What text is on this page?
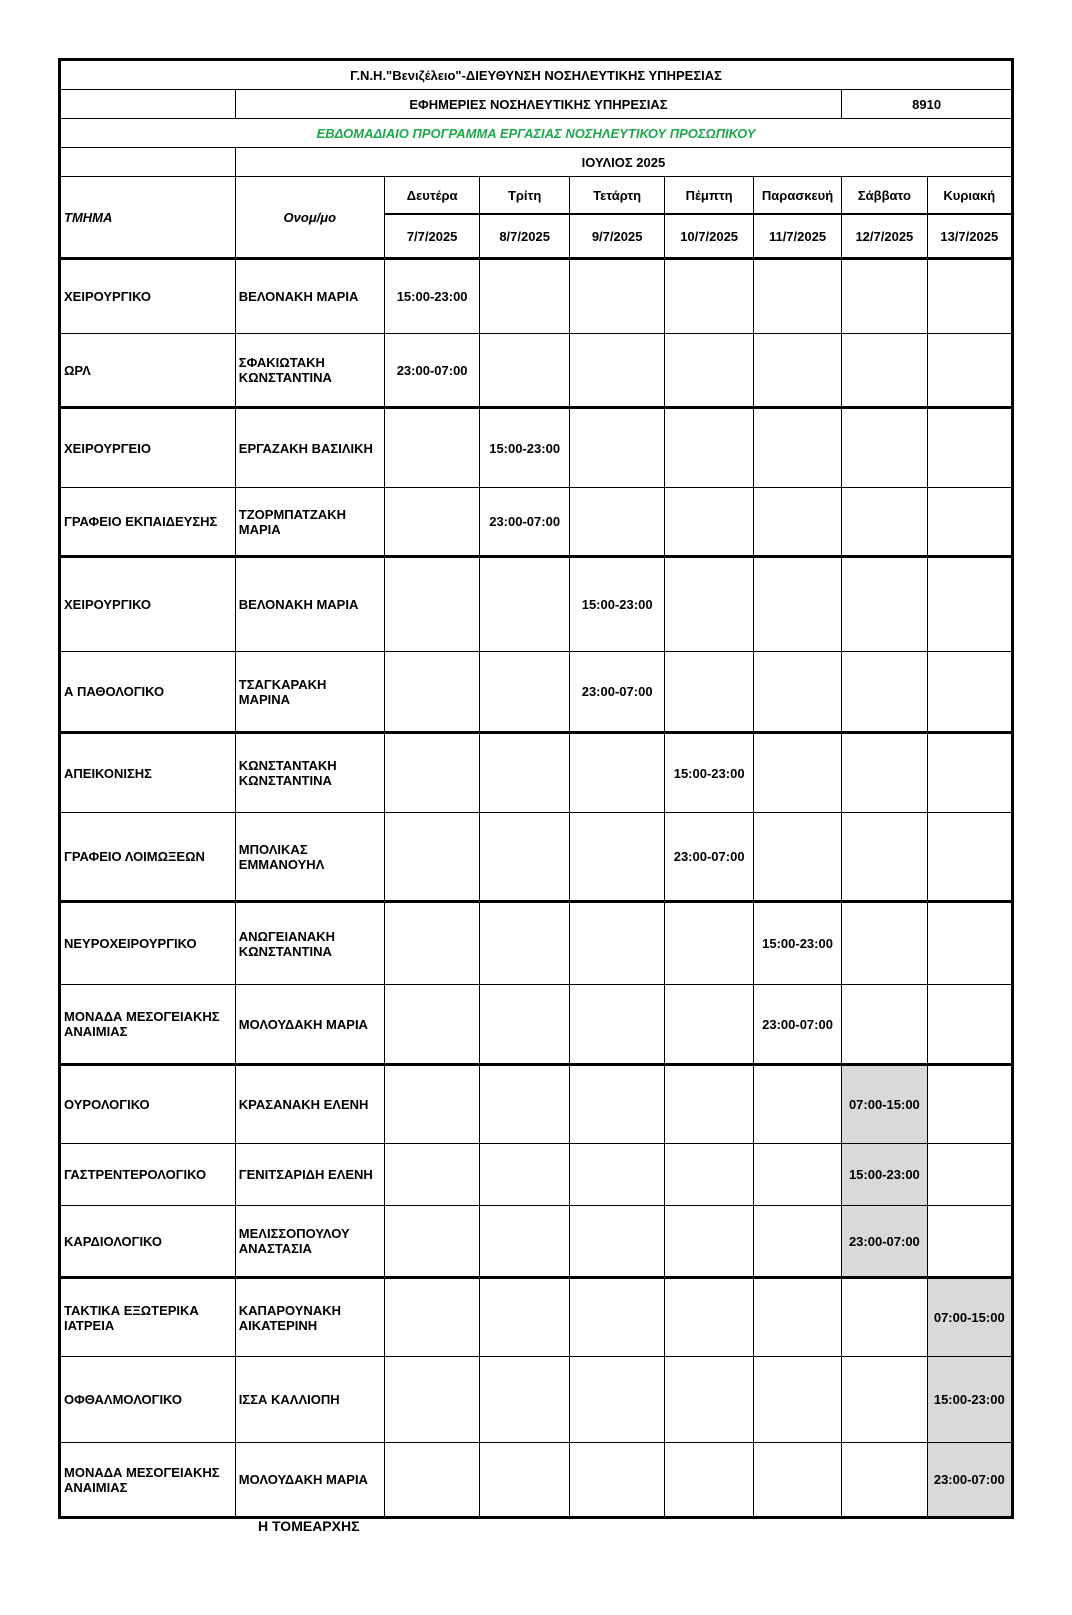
Γ.Ν.Η."Βενιζέλειο"-ΔΙΕΥΘΥΝΣΗ ΝΟΣΗΛΕΥΤΙΚΗΣ ΥΠΗΡΕΣΙΑΣ								
	ΕΦΗΜΕΡΙΕΣ ΝΟΣΗΛΕΥΤΙΚΗΣ ΥΠΗΡΕΣΙΑΣ						8910	
ΕΒΔΟΜΑΔΙΑΙΟ ΠΡΟΓΡΑΜΜΑ ΕΡΓΑΣΙΑΣ ΝΟΣΗΛΕΥΤΙΚΟΥ ΠΡΟΣΩΠΙΚΟΥ								
	ΙΟΥΛΙΟΣ 2025							
ΤΜΗΜΑ	Ονομ/μο	Δευτέρα	Τρίτη	Τετάρτη	Πέμπτη	Παρασκευή	Σάββατο	Κυριακή
		7/7/2025	8/7/2025	9/7/2025	10/7/2025	11/7/2025	12/7/2025	13/7/2025
ΧΕΙΡΟΥΡΓΙΚΟ	ΒΕΛΟΝΑΚΗ ΜΑΡΙΑ	15:00-23:00						
ΩΡΛ	ΣΦΑΚΙΩΤΑΚΗ ΚΩΝΣΤΑΝΤΙΝΑ	23:00-07:00						
ΧΕΙΡΟΥΡΓΕΙΟ	ΕΡΓΑΖΑΚΗ ΒΑΣΙΛΙΚΗ		15:00-23:00					
ΓΡΑΦΕΙΟ ΕΚΠΑΙΔΕΥΣΗΣ	ΤΖΟΡΜΠΑΤΖΑΚΗ ΜΑΡΙΑ		23:00-07:00					
ΧΕΙΡΟΥΡΓΙΚΟ	ΒΕΛΟΝΑΚΗ ΜΑΡΙΑ			15:00-23:00				
Α ΠΑΘΟΛΟΓΙΚΟ	ΤΣΑΓΚΑΡΑΚΗ ΜΑΡΙΝΑ			23:00-07:00				
ΑΠΕΙΚΟΝΙΣΗΣ	ΚΩΝΣΤΑΝΤΑΚΗ ΚΩΝΣΤΑΝΤΙΝΑ				15:00-23:00			
ΓΡΑΦΕΙΟ ΛΟΙΜΩΞΕΩΝ	ΜΠΟΛΙΚΑΣ ΕΜΜΑΝΟΥΗΛ				23:00-07:00			
ΝΕΥΡΟΧΕΙΡΟΥΡΓΙΚΟ	ΑΝΩΓΕΙΑΝΑΚΗ ΚΩΝΣΤΑΝΤΙΝΑ					15:00-23:00		
ΜΟΝΑΔΑ ΜΕΣΟΓΕΙΑΚΗΣ ΑΝΑΙΜΙΑΣ	ΜΟΛΟΥΔΑΚΗ ΜΑΡΙΑ					23:00-07:00		
ΟΥΡΟΛΟΓΙΚΟ	ΚΡΑΣΑΝΑΚΗ ΕΛΕΝΗ						07:00-15:00	
ΓΑΣΤΡΕΝΤΕΡΟΛΟΓΙΚΟ	ΓΕΝΙΤΣΑΡΙΔΗ ΕΛΕΝΗ						15:00-23:00	
ΚΑΡΔΙΟΛΟΓΙΚΟ	ΜΕΛΙΣΣΟΠΟΥΛΟΥ ΑΝΑΣΤΑΣΙΑ						23:00-07:00	
ΤΑΚΤΙΚΑ ΕΞΩΤΕΡΙΚΑ ΙΑΤΡΕΙΑ	ΚΑΠΑΡΟΥΝΑΚΗ ΑΙΚΑΤΕΡΙΝΗ							07:00-15:00
ΟΦΘΑΛΜΟΛΟΓΙΚΟ	ΙΣΣΑ ΚΑΛΛΙΟΠΗ							15:00-23:00
ΜΟΝΑΔΑ ΜΕΣΟΓΕΙΑΚΗΣ ΑΝΑΙΜΙΑΣ	ΜΟΛΟΥΔΑΚΗ ΜΑΡΙΑ							23:00-07:00
Η ΤΟΜΕΑΡΧΗΣ
